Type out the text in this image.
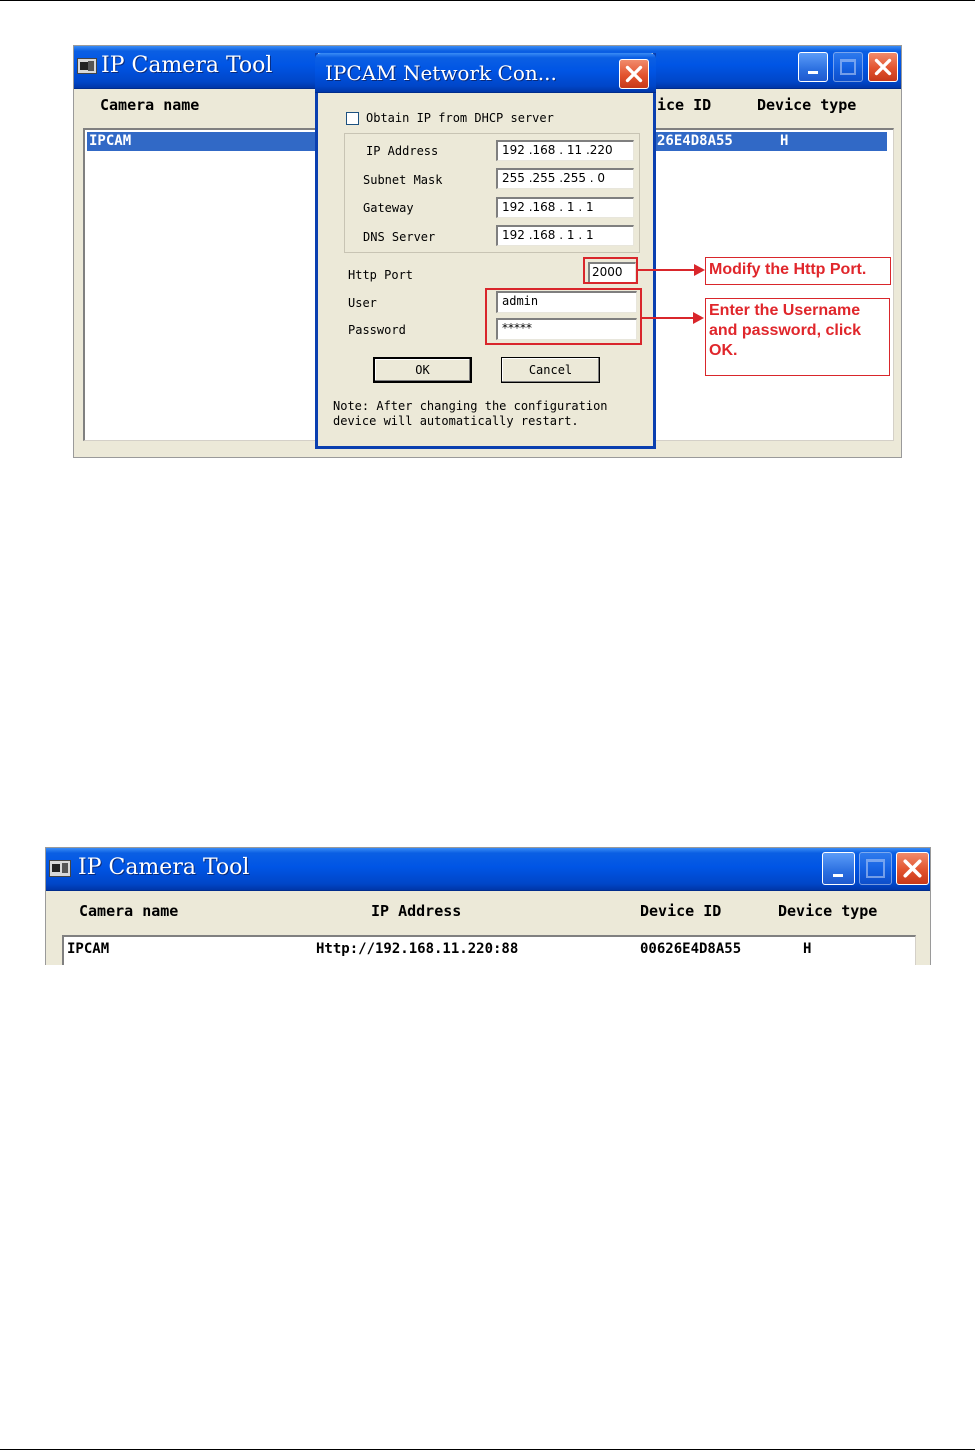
IP Camera Tool
Camera name	ice ID	Device type
IPCAM	26E4D8A55	H
IPCAM Network Con...
Obtain IP from DHCP server
IP Address	192 .168 . 11 .220
Subnet Mask	255 .255 .255 . 0
Gateway	192 .168 . 1 . 1
DNS Server	192 .168 . 1 . 1
Http Port	2000
User	admin
Password	*****
OK	Cancel
Note: After changing the configuration device will automatically restart.
Modify the Http Port.
Enter the Username and password, click OK.
IP Camera Tool
Camera name	IP Address	Device ID	Device type
IPCAM	Http://192.168.11.220:88	00626E4D8A55	H
